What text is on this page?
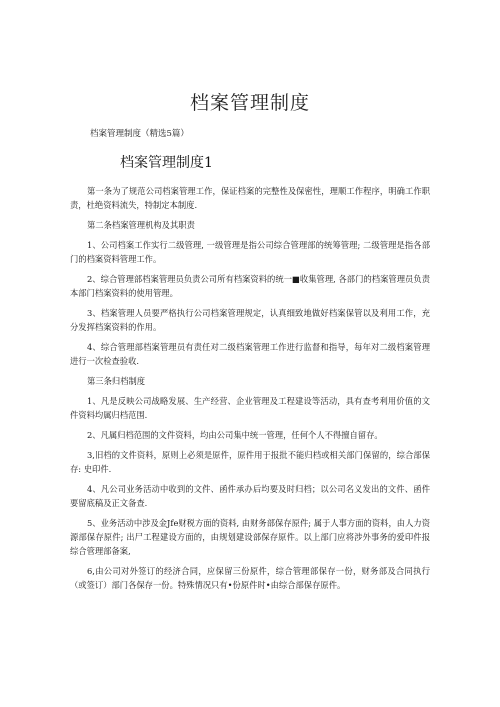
档案管理制度

档案管理制度（精选5篇）

档案管理制度1

第一条为了规范公司档案管理工作，保证档案的完整性及保密性，理顺工作程序，明确工作职责，杜绝资料流失，特制定本制度.

第二条档案管理机构及其职责

1、公司档案工作实行二级管理, 一级管理是指公司综合管理部的统筹管理; 二级管理是指各部门的档案资料管理工作。

2、综合管理部档案管理员负责公司所有档案资料的统一■收集管理, 各部门的档案管理员负责本部门档案资料的使用管理。

3、档案管理人员要严格执行公司档案管理规定，认真细致地做好档案保管以及利用工作，充分发挥档案资料的作用。

4、综合管理部档案管理员有责任对二级档案管理工作进行监督和指导，每年对二级档案管理进行一次检查验收.

第三条归档制度

1、凡是反映公司战略发展、生产经营、企业管理及工程建设等活动，具有查考利用价值的文件资料均属归档范围.

2、凡属归档范围的文件资料，均由公司集中统一管理，任何个人不得擅自留存。

3,旧档的文件资料，原则上必须是原件，原件用于报批不能归档或相关部门保留的，综合部保存: 史印件.

4、凡公司业务活动中收到的文件、函件承办后均要及时归档；以公司名义发出的文件、函件要留底稿及正文备查.

5、业务活动中涉及金Jfe财税方面的资料, 由财务部保存原件; 属于人事方面的资料，由人力资源部保存原件; 出尸工程建设方面的，由规划建设部保存原件。以上部门应将涉外事务的爱印件报综合管理部备案,

6,由公司对外签订的经济合同，应保留三份原件，综合管理部保存一份，财务部及合同执行（或签订）部门各保存一份。特殊情况只有•份原件时•由综合部保存原件。
